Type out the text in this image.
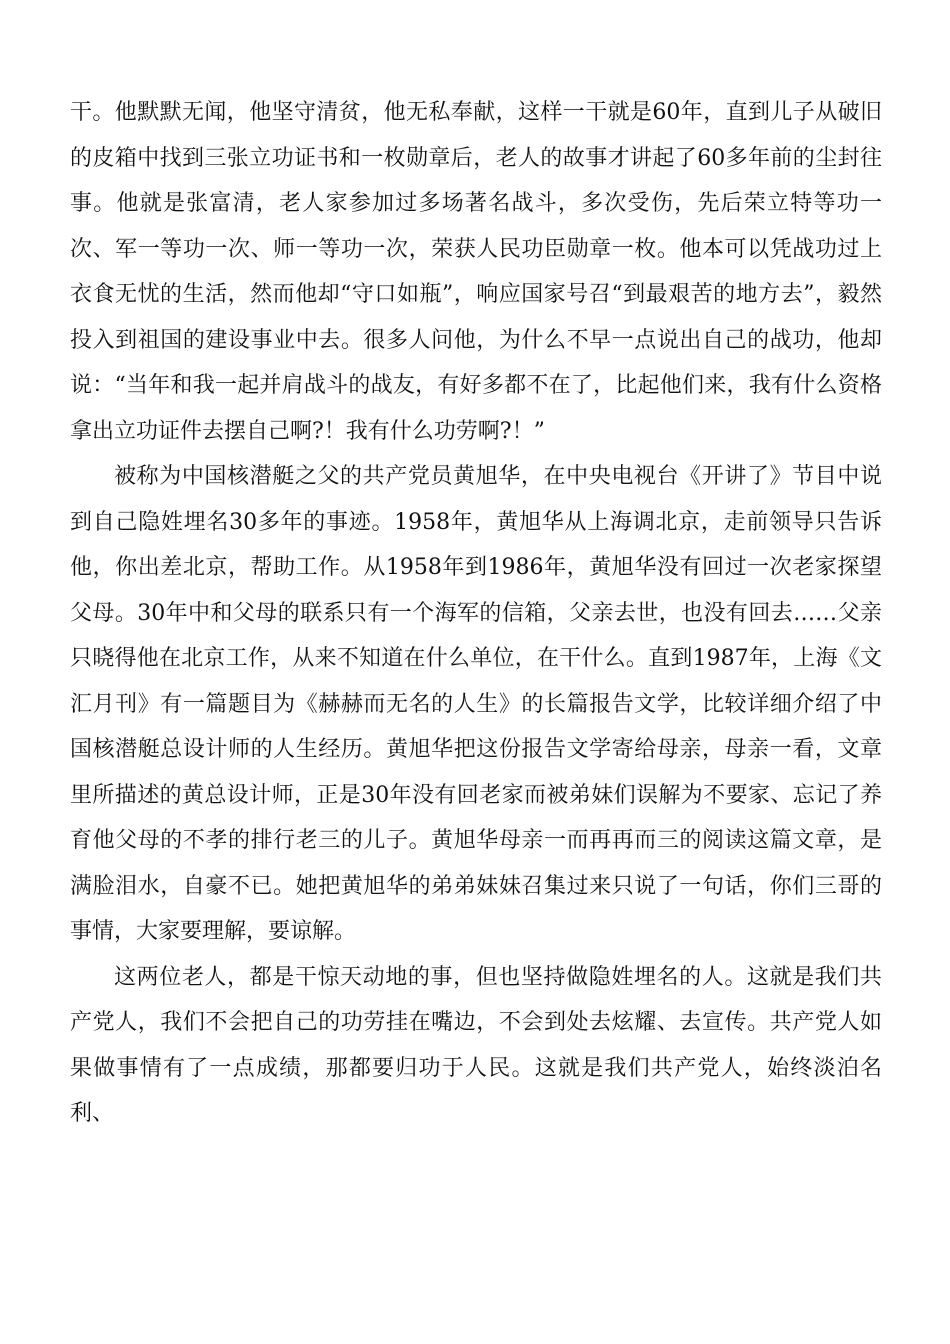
干。他默默无闻，他坚守清贫，他无私奉献，这样一干就是60年，直到儿子从破旧的皮箱中找到三张立功证书和一枚勋章后，老人的故事才讲起了60多年前的尘封往事。他就是张富清，老人家参加过多场著名战斗，多次受伤，先后荣立特等功一次、军一等功一次、师一等功一次，荣获人民功臣勋章一枚。他本可以凭战功过上衣食无忧的生活，然而他却“守口如瓶”，响应国家号召“到最艰苦的地方去”，毅然投入到祖国的建设事业中去。很多人问他，为什么不早一点说出自己的战功，他却说：“当年和我一起并肩战斗的战友，有好多都不在了，比起他们来，我有什么资格拿出立功证件去摆自己啊?！我有什么功劳啊?！”

被称为中国核潜艇之父的共产党员黄旭华，在中央电视台《开讲了》节目中说到自己隐姓埋名30多年的事迹。1958年，黄旭华从上海调北京，走前领导只告诉他，你出差北京，帮助工作。从1958年到1986年，黄旭华没有回过一次老家探望父母。30年中和父母的联系只有一个海军的信箱，父亲去世，也没有回去……父亲只晓得他在北京工作，从来不知道在什么单位，在干什么。直到1987年，上海《文汇月刊》有一篇题目为《赫赫而无名的人生》的长篇报告文学，比较详细介绍了中国核潜艇总设计师的人生经历。黄旭华把这份报告文学寄给母亲，母亲一看，文章里所描述的黄总设计师，正是30年没有回老家而被弟妹们误解为不要家、忘记了养育他父母的不孝的排行老三的儿子。黄旭华母亲一而再再而三的阅读这篇文章，是满脸泪水，自豪不已。她把黄旭华的弟弟妹妹召集过来只说了一句话，你们三哥的事情，大家要理解，要谅解。

这两位老人，都是干惊天动地的事，但也坚持做隐姓埋名的人。这就是我们共产党人，我们不会把自己的功劳挂在嘴边，不会到处去炫耀、去宣传。共产党人如果做事情有了一点成绩，那都要归功于人民。这就是我们共产党人，始终淡泊名利、
